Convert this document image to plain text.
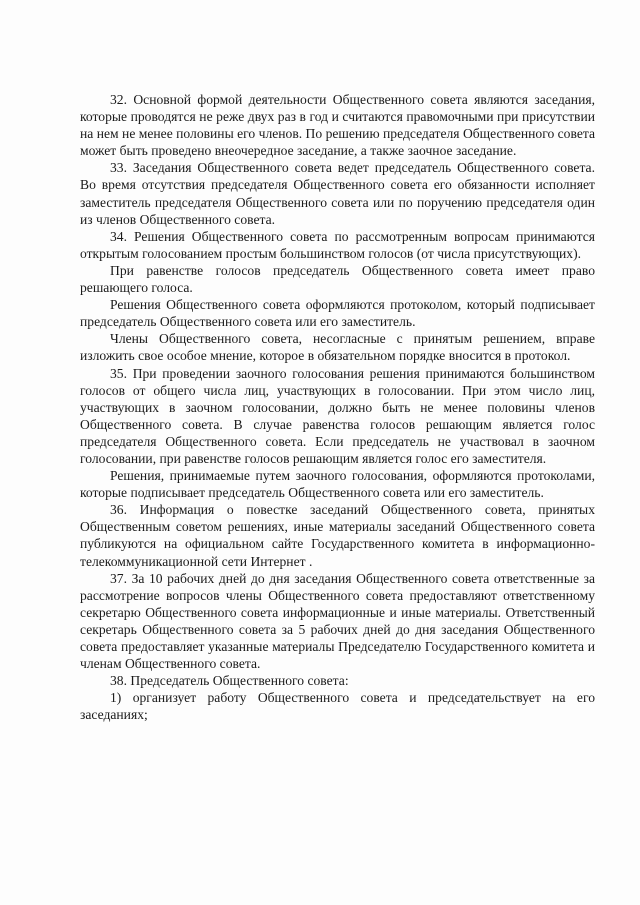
32. Основной формой деятельности Общественного совета являются заседания, которые проводятся не реже двух раз в год и считаются правомочными при присутствии на нем не менее половины его членов. По решению председателя Общественного совета может быть проведено внеочередное заседание, а также заочное заседание.

33. Заседания Общественного совета ведет председатель Общественного совета. Во время отсутствия председателя Общественного совета его обязанности исполняет заместитель председателя Общественного совета или по поручению председателя один из членов Общественного совета.

34. Решения Общественного совета по рассмотренным вопросам принимаются открытым голосованием простым большинством голосов (от числа присутствующих).

При равенстве голосов председатель Общественного совета имеет право решающего голоса.

Решения Общественного совета оформляются протоколом, который подписывает председатель Общественного совета или его заместитель.

Члены Общественного совета, несогласные с принятым решением, вправе изложить свое особое мнение, которое в обязательном порядке вносится в протокол.

35. При проведении заочного голосования решения принимаются большинством голосов от общего числа лиц, участвующих в голосовании. При этом число лиц, участвующих в заочном голосовании, должно быть не менее половины членов Общественного совета. В случае равенства голосов решающим является голос председателя Общественного совета. Если председатель не участвовал в заочном голосовании, при равенстве голосов решающим является голос его заместителя.

Решения, принимаемые путем заочного голосования, оформляются протоколами, которые подписывает председатель Общественного совета или его заместитель.

36. Информация о повестке заседаний Общественного совета, принятых Общественным советом решениях, иные материалы заседаний Общественного совета публикуются на официальном сайте Государственного комитета в информационно-телекоммуникационной сети Интернет .

37. За 10 рабочих дней до дня заседания Общественного совета ответственные за рассмотрение вопросов члены Общественного совета предоставляют ответственному секретарю Общественного совета информационные и иные материалы. Ответственный секретарь Общественного совета за 5 рабочих дней до дня заседания Общественного совета предоставляет указанные материалы Председателю Государственного комитета и членам Общественного совета.

38. Председатель Общественного совета:

1) организует работу Общественного совета и председательствует на его заседаниях;
